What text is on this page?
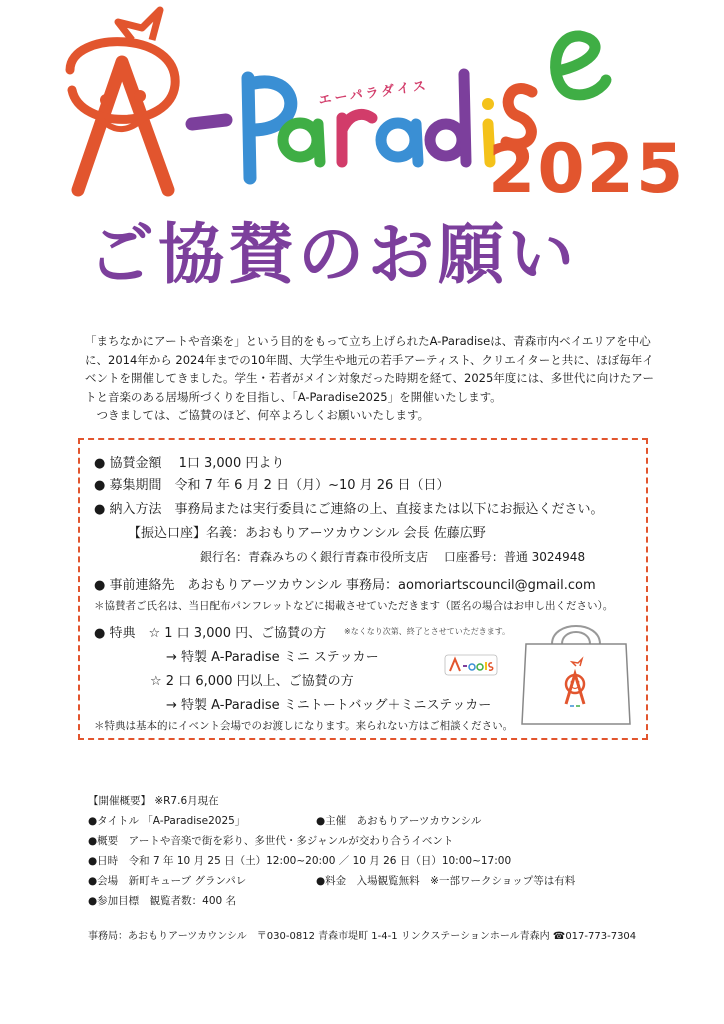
エーパラダイス
2025
ご協賛のお願い

「まちなかにアートや音楽を」という目的をもって立ち上げられたA-Paradiseは、青森市内ベイエリアを中心

に、2014年から 2024年までの10年間、大学生や地元の若手アーティスト、クリエイターと共に、ほぼ毎年イ

ベントを開催してきました。学生・若者がメイン対象だった時期を経て、2025年度には、多世代に向けたアー

トと音楽のある居場所づくりを目指し、「A-Paradise2025」を開催いたします。

　つきましては、ご協賛のほど、何卒よろしくお願いいたします。

● 協賛金額　 1口 3,000 円より
● 募集期間　令和 7 年 6 月 2 日（月）~10 月 26 日（日）
● 納入方法　事務局または実行委員にご連絡の上、直接または以下にお振込ください。
【振込口座】名義：あおもりアーツカウンシル 会長 佐藤広野
銀行名：青森みちのく銀行青森市役所支店　 口座番号：普通 3024948
● 事前連絡先　あおもりアーツカウンシル 事務局：aomoriartscouncil@gmail.com
＊協賛者ご氏名は、当日配布パンフレットなどに掲載させていただきます（匿名の場合はお申し出ください）。
● 特典　☆ 1 口 3,000 円、ご協賛の方 ※なくなり次第、終了とさせていただきます。
→ 特製 A-Paradise ミニ ステッカー
☆ 2 口 6,000 円以上、ご協賛の方
→ 特製 A-Paradise ミニトートバッグ＋ミニステッカー
＊特典は基本的にイベント会場でのお渡しになります。来られない方はご相談ください。
【開催概要】 ※R7.6月現在
●タイトル 「A-Paradise2025」	●主催　あおもりアーツカウンシル
●概要　アートや音楽で街を彩り、多世代・多ジャンルが交わり合うイベント
●日時　令和 7 年 10 月 25 日（土）12:00~20:00 ／ 10 月 26 日（日）10:00~17:00
●会場　新町キューブ グランパレ	●料金　入場観覧無料　※一部ワークショップ等は有料
●参加目標　観覧者数：400 名
事務局：あおもりアーツカウンシル　〒030-0812 青森市堤町 1-4-1 リンクステーションホール青森内 ☎017-773-7304
